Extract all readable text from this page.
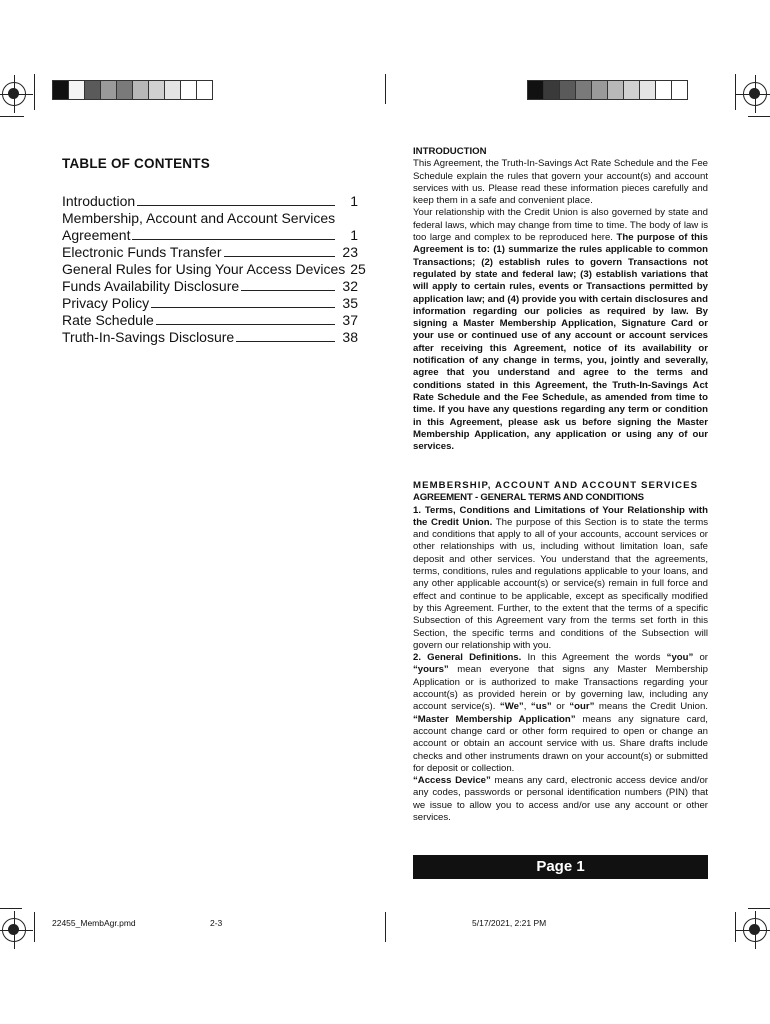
TABLE OF CONTENTS
Introduction	1
Membership, Account and Account Services
Agreement	1
Electronic Funds Transfer	23
General Rules for Using Your Access Devices 25
Funds Availability Disclosure	32
Privacy Policy	35
Rate Schedule	37
Truth-In-Savings Disclosure	38

INTRODUCTION

This Agreement, the Truth-In-Savings Act Rate Schedule and the Fee Schedule explain the rules that govern your account(s) and account services with us. Please read these information pieces carefully and keep them in a safe and convenient place.

Your relationship with the Credit Union is also governed by state and federal laws, which may change from time to time. The body of law is too large and complex to be reproduced here. The purpose of this Agreement is to: (1) summarize the rules applicable to common Transactions; (2) establish rules to govern Transactions not regulated by state and federal law; (3) establish variations that will apply to certain rules, events or Transactions permitted by application law; and (4) provide you with certain disclosures and information regarding our policies as required by law. By signing a Master Membership Application, Signature Card or your use or continued use of any account or account services after receiving this Agreement, notice of its availability or notification of any change in terms, you, jointly and severally, agree that you understand and agree to the terms and conditions stated in this Agreement, the Truth-In-Savings Act Rate Schedule and the Fee Schedule, as amended from time to time. If you have any questions regarding any term or condition in this Agreement, please ask us before signing the Master Membership Application, any application or using any of our services.

MEMBERSHIP, ACCOUNT AND ACCOUNT SERVICES

AGREEMENT - GENERAL TERMS AND CONDITIONS

1. Terms, Conditions and Limitations of Your Relationship with the Credit Union. The purpose of this Section is to state the terms and conditions that apply to all of your accounts, account services or other relationships with us, including without limitation loan, safe deposit and other services. You understand that the agreements, terms, conditions, rules and regulations applicable to your loans, and any other applicable account(s) or service(s) remain in full force and effect and continue to be applicable, except as specifically modified by this Agreement. Further, to the extent that the terms of a specific Subsection of this Agreement vary from the terms set forth in this Section, the specific terms and conditions of the Subsection will govern our relationship with you.

2. General Definitions. In this Agreement the words “you” or “yours” mean everyone that signs any Master Membership Application or is authorized to make Transactions regarding your account(s) as provided herein or by governing law, including any account service(s). “We”, “us” or “our” means the Credit Union. “Master Membership Application” means any signature card, account change card or other form required to open or change an account or obtain an account service with us. Share drafts include checks and other instruments drawn on your account(s) or submitted for deposit or collection.

“Access Device” means any card, electronic access device and/or any codes, passwords or personal identification numbers (PIN) that we issue to allow you to access and/or use any account or other services.

Page 1
22455_MembAgr.pmd	2-3	5/17/2021, 2:21 PM
